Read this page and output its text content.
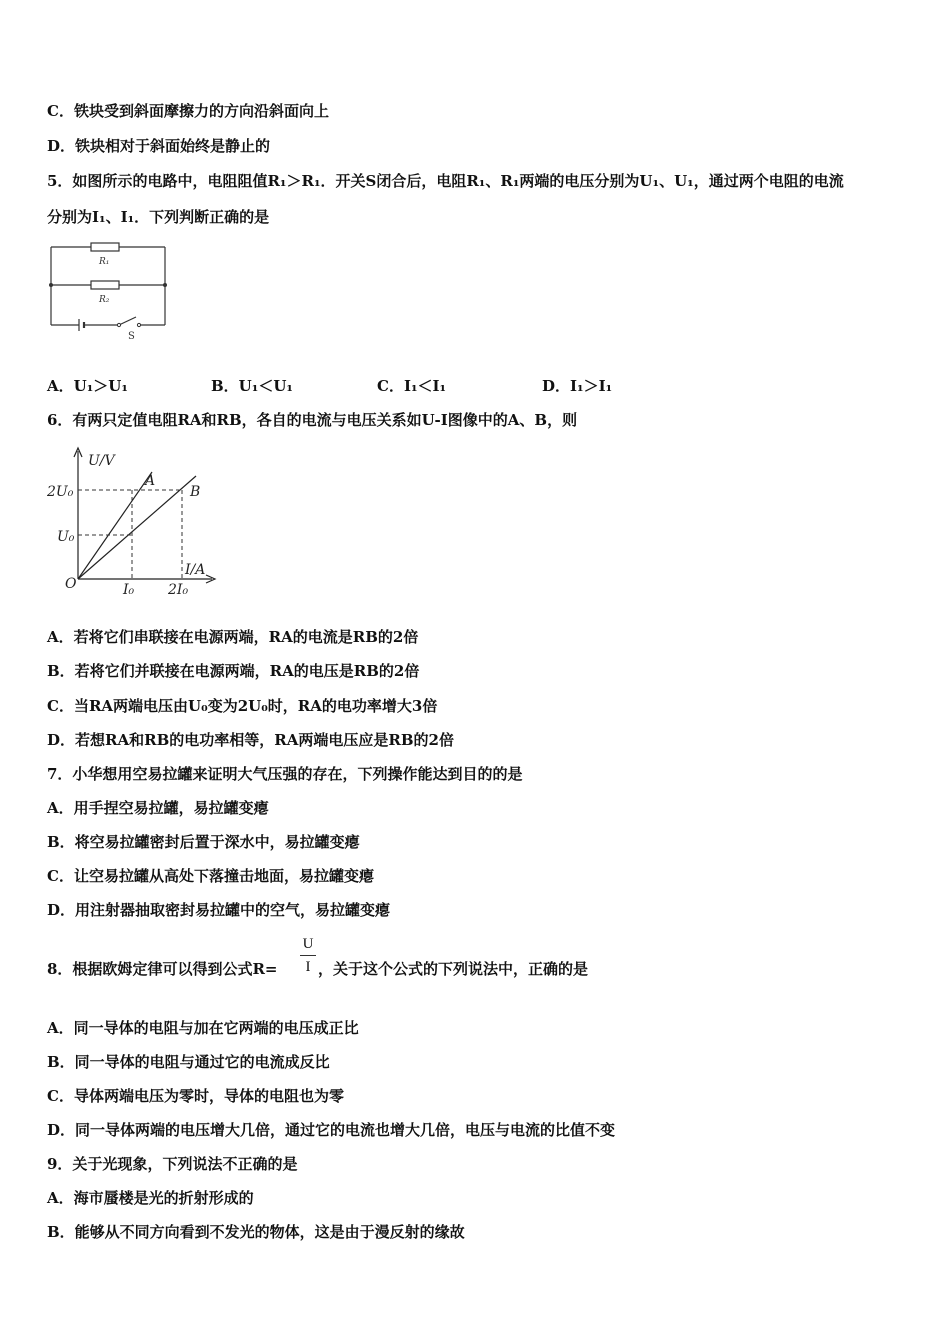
C．铁块受到斜面摩擦力的方向沿斜面向上
D．铁块相对于斜面始终是静止的
5．如图所示的电路中，电阻阻值R₁＞R₁．开关S闭合后，电阻R₁、R₁两端的电压分别为U₁、U₁，通过两个电阻的电流
分别为I₁、I₁．下列判断正确的是
R₁
R₂
S
A．U₁＞U₁	B．U₁＜U₁	C．I₁＜I₁	D．I₁＞I₁
6．有两只定值电阻RA和RB，各自的电流与电压关系如U-I图像中的A、B，则
U/V
I/A
O
2U₀
U₀
I₀ 2I₀
A
B
A．若将它们串联接在电源两端，RA的电流是RB的2倍
B．若将它们并联接在电源两端，RA的电压是RB的2倍
C．当RA两端电压由U₀变为2U₀时，RA的电功率增大3倍
D．若想RA和RB的电功率相等，RA两端电压应是RB的2倍
7．小华想用空易拉罐来证明大气压强的存在，下列操作能达到目的的是
A．用手捏空易拉罐，易拉罐变瘪
B．将空易拉罐密封后置于深水中，易拉罐变瘪
C．让空易拉罐从高处下落撞击地面，易拉罐变瘪
D．用注射器抽取密封易拉罐中的空气，易拉罐变瘪
8．根据欧姆定律可以得到公式R=
U
I ，关于这个公式的下列说法中，正确的是
A．同一导体的电阻与加在它两端的电压成正比
B．同一导体的电阻与通过它的电流成反比
C．导体两端电压为零时，导体的电阻也为零
D．同一导体两端的电压增大几倍，通过它的电流也增大几倍，电压与电流的比值不变
9．关于光现象，下列说法不正确的是
A．海市蜃楼是光的折射形成的
B．能够从不同方向看到不发光的物体，这是由于漫反射的缘故
